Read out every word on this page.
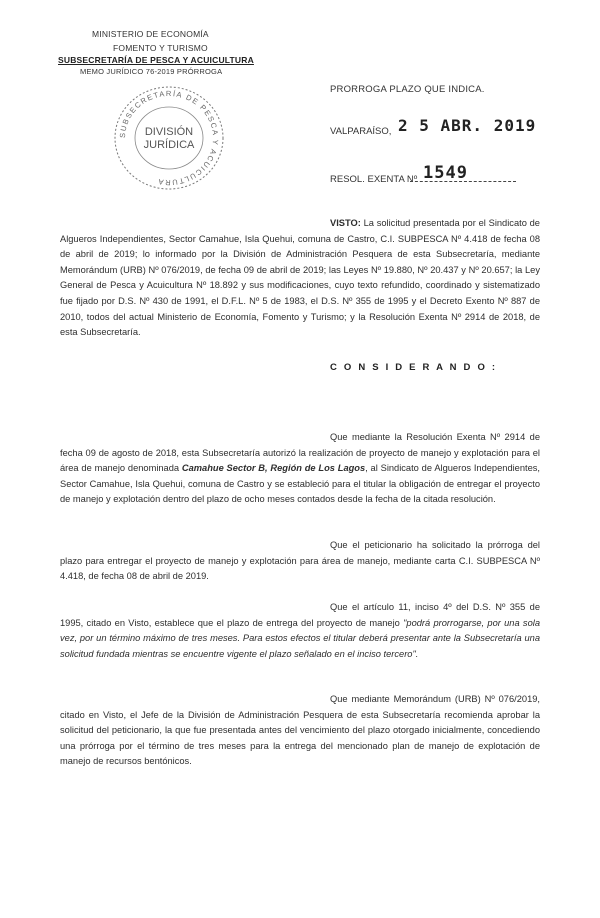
MINISTERIO DE ECONOMÍA
FOMENTO Y TURISMO
SUBSECRETARÍA DE PESCA Y ACUICULTURA
MEMO JURÍDICO 76-2019 PRÓRROGA
SUBSECRETARÍA DE PESCA Y ACUICULTURA
DIVISIÓN
JURÍDICA
PRORROGA PLAZO QUE INDICA.
VALPARAÍSO, 2 5 ABR. 2019
RESOL. EXENTA Nº 1549
VISTO: La solicitud presentada por el Sindicato de Algueros Independientes, Sector Camahue, Isla Quehui, comuna de Castro, C.I. SUBPESCA Nº 4.418 de fecha 08 de abril de 2019; lo informado por la División de Administración Pesquera de esta Subsecretaría, mediante Memorándum (URB) Nº 076/2019, de fecha 09 de abril de 2019; las Leyes Nº 19.880, Nº 20.437 y Nº 20.657; la Ley General de Pesca y Acuicultura Nº 18.892 y sus modificaciones, cuyo texto refundido, coordinado y sistematizado fue fijado por D.S. Nº 430 de 1991, el D.F.L. Nº 5 de 1983, el D.S. Nº 355 de 1995 y el Decreto Exento Nº 887 de 2010, todos del actual Ministerio de Economía, Fomento y Turismo; y la Resolución Exenta Nº 2914 de 2018, de esta Subsecretaría.
C O N S I D E R A N D O :
Que mediante la Resolución Exenta Nº 2914 de fecha 09 de agosto de 2018, esta Subsecretaría autorizó la realización de proyecto de manejo y explotación para el área de manejo denominada Camahue Sector B, Región de Los Lagos, al Sindicato de Algueros Independientes, Sector Camahue, Isla Quehui, comuna de Castro y se estableció para el titular la obligación de entregar el proyecto de manejo y explotación dentro del plazo de ocho meses contados desde la fecha de la citada resolución.
Que el peticionario ha solicitado la prórroga del plazo para entregar el proyecto de manejo y explotación para área de manejo, mediante carta C.I. SUBPESCA Nº 4.418, de fecha 08 de abril de 2019.
Que el artículo 11, inciso 4º del D.S. Nº 355 de 1995, citado en Visto, establece que el plazo de entrega del proyecto de manejo "podrá prorrogarse, por una sola vez, por un término máximo de tres meses. Para estos efectos el titular deberá presentar ante la Subsecretaría una solicitud fundada mientras se encuentre vigente el plazo señalado en el inciso tercero".
Que mediante Memorándum (URB) Nº 076/2019, citado en Visto, el Jefe de la División de Administración Pesquera de esta Subsecretaría recomienda aprobar la solicitud del peticionario, la que fue presentada antes del vencimiento del plazo otorgado inicialmente, concediendo una prórroga por el término de tres meses para la entrega del mencionado plan de manejo de explotación de manejo de recursos bentónicos.
